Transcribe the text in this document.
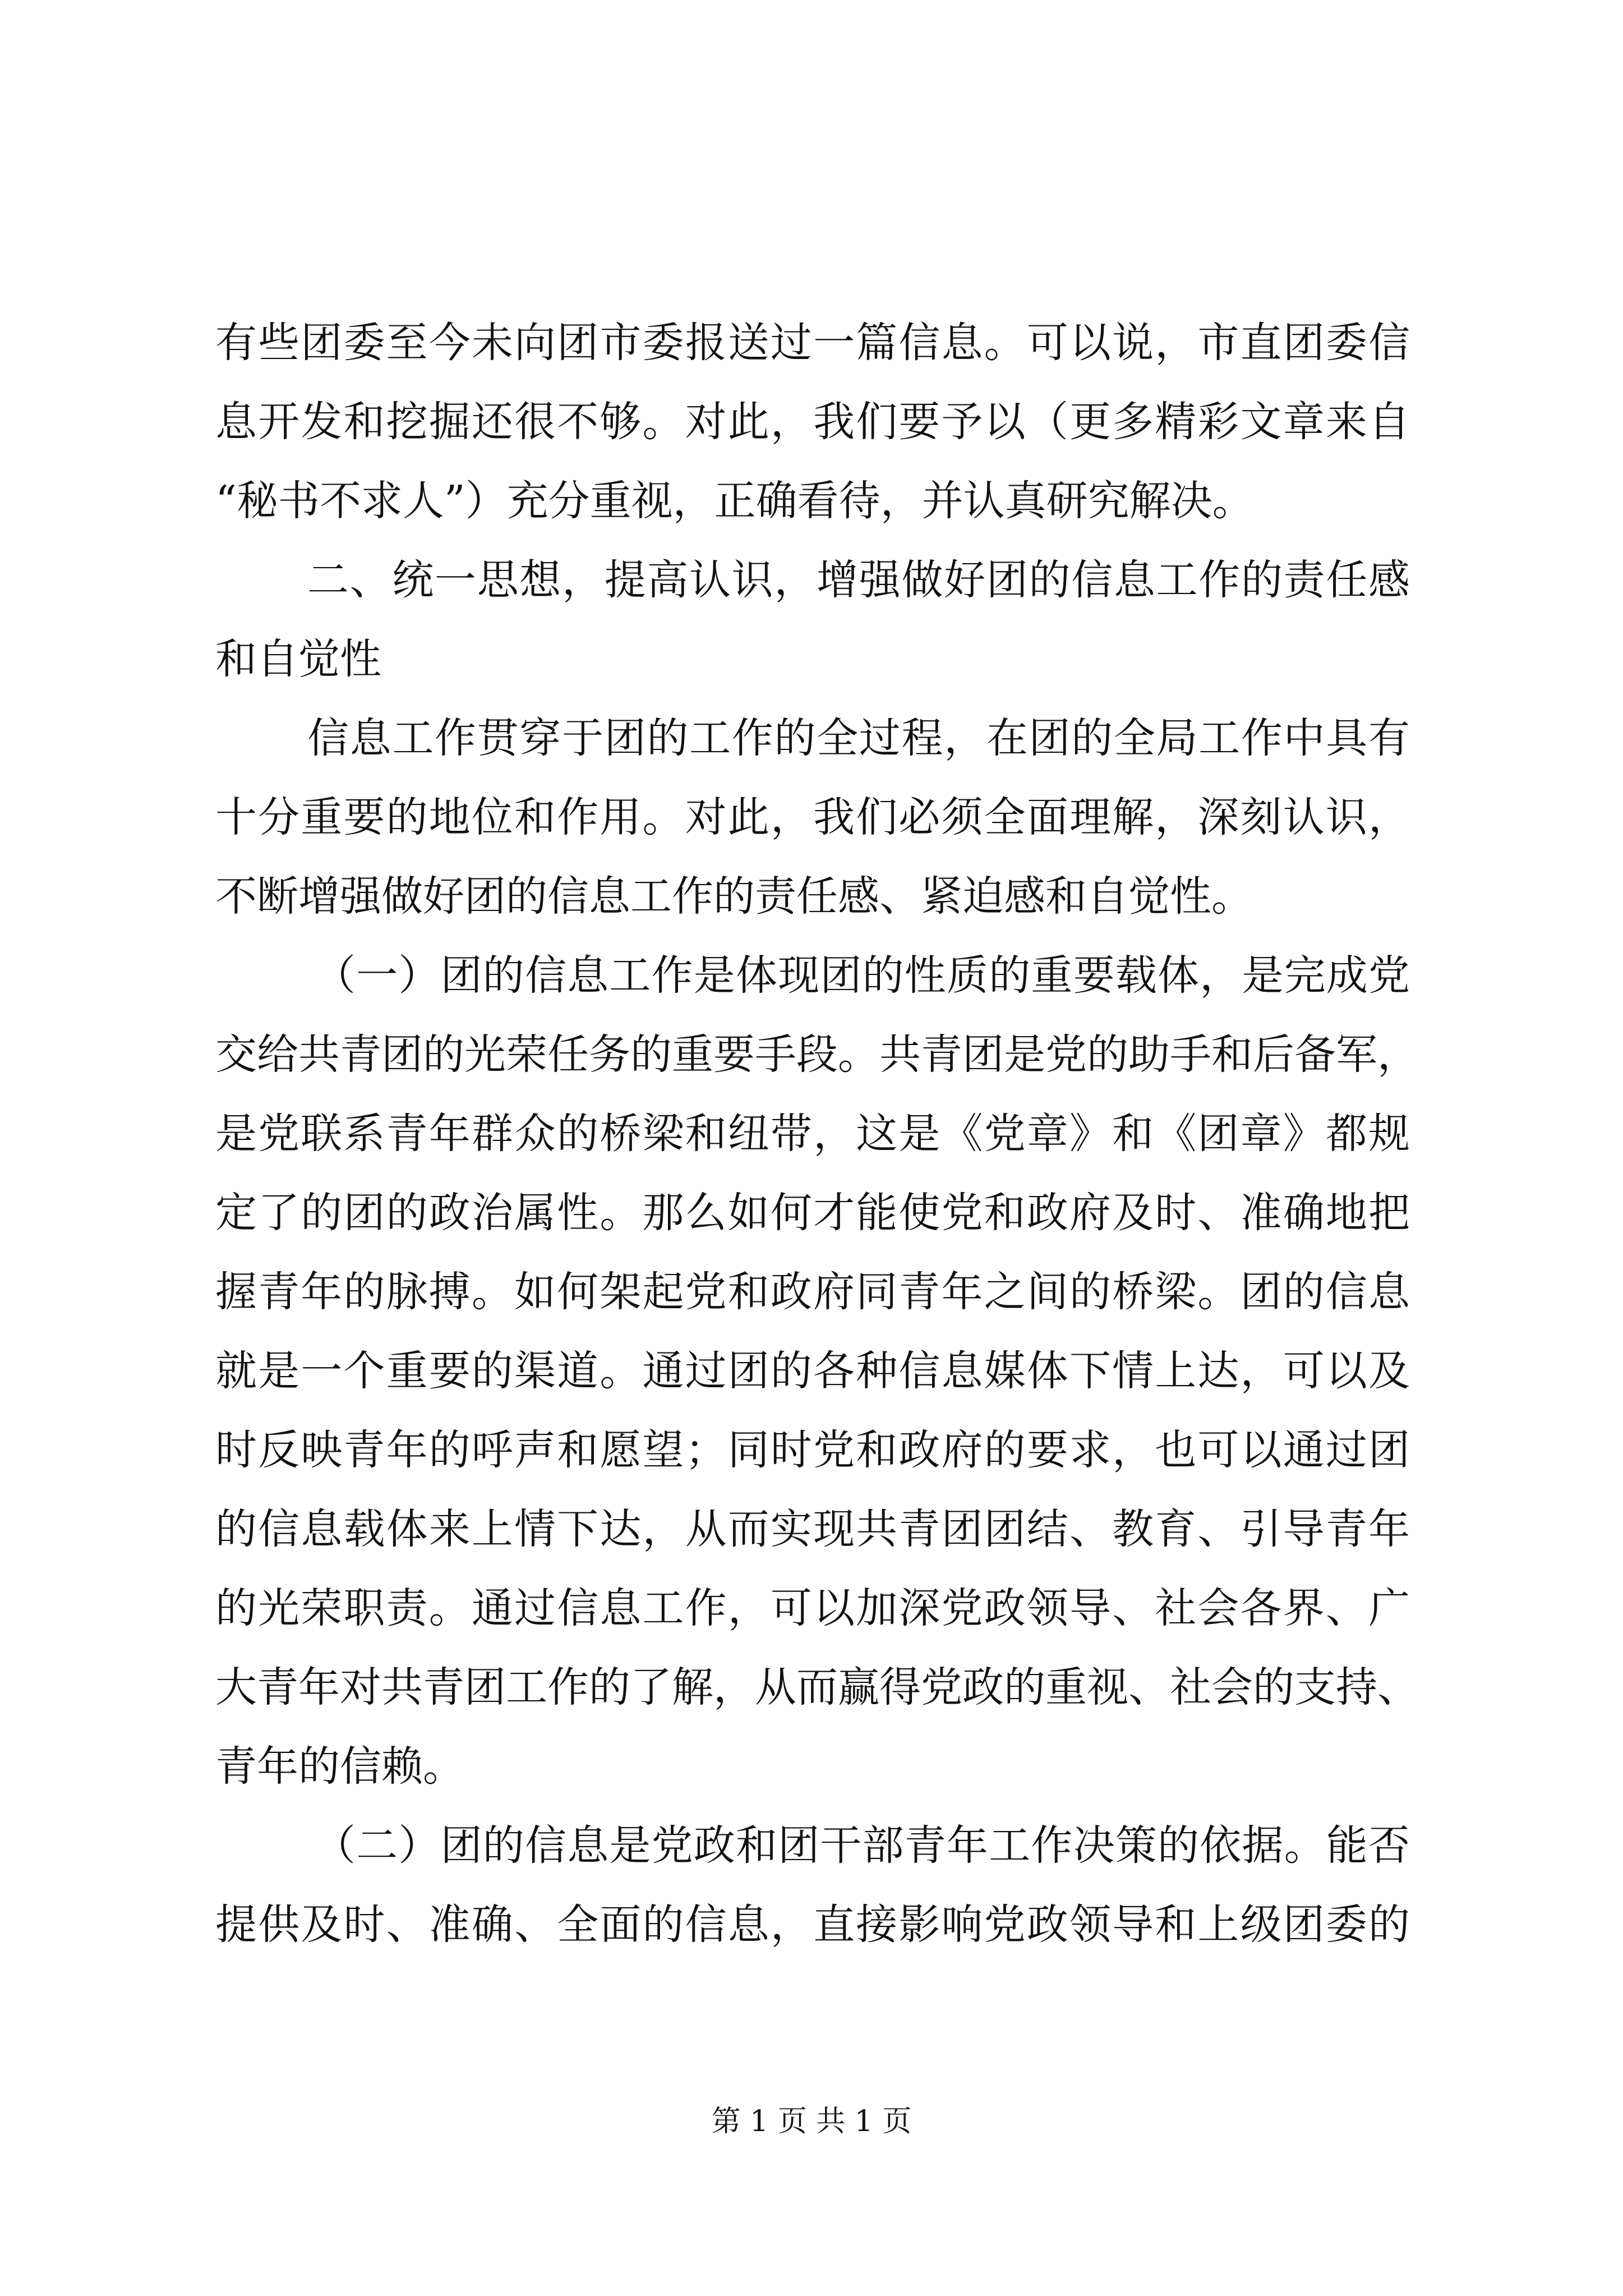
有些团委至今未向团市委报送过一篇信息。可以说，市直团委信
息开发和挖掘还很不够。对此，我们要予以（更多精彩文章来自
“秘书不求人”）充分重视，正确看待，并认真研究解决。
二、统一思想，提高认识，增强做好团的信息工作的责任感
和自觉性
信息工作贯穿于团的工作的全过程，在团的全局工作中具有
十分重要的地位和作用。对此，我们必须全面理解，深刻认识，
不断增强做好团的信息工作的责任感、紧迫感和自觉性。
（一）团的信息工作是体现团的性质的重要载体，是完成党
交给共青团的光荣任务的重要手段。共青团是党的助手和后备军，
是党联系青年群众的桥梁和纽带，这是《党章》和《团章》都规
定了的团的政治属性。那么如何才能使党和政府及时、准确地把
握青年的脉搏。如何架起党和政府同青年之间的桥梁。团的信息
就是一个重要的渠道。通过团的各种信息媒体下情上达，可以及
时反映青年的呼声和愿望；同时党和政府的要求，也可以通过团
的信息载体来上情下达，从而实现共青团团结、教育、引导青年
的光荣职责。通过信息工作，可以加深党政领导、社会各界、广
大青年对共青团工作的了解，从而赢得党政的重视、社会的支持、
青年的信赖。
（二）团的信息是党政和团干部青年工作决策的依据。能否
提供及时、准确、全面的信息，直接影响党政领导和上级团委的
第 1 页 共 1 页
